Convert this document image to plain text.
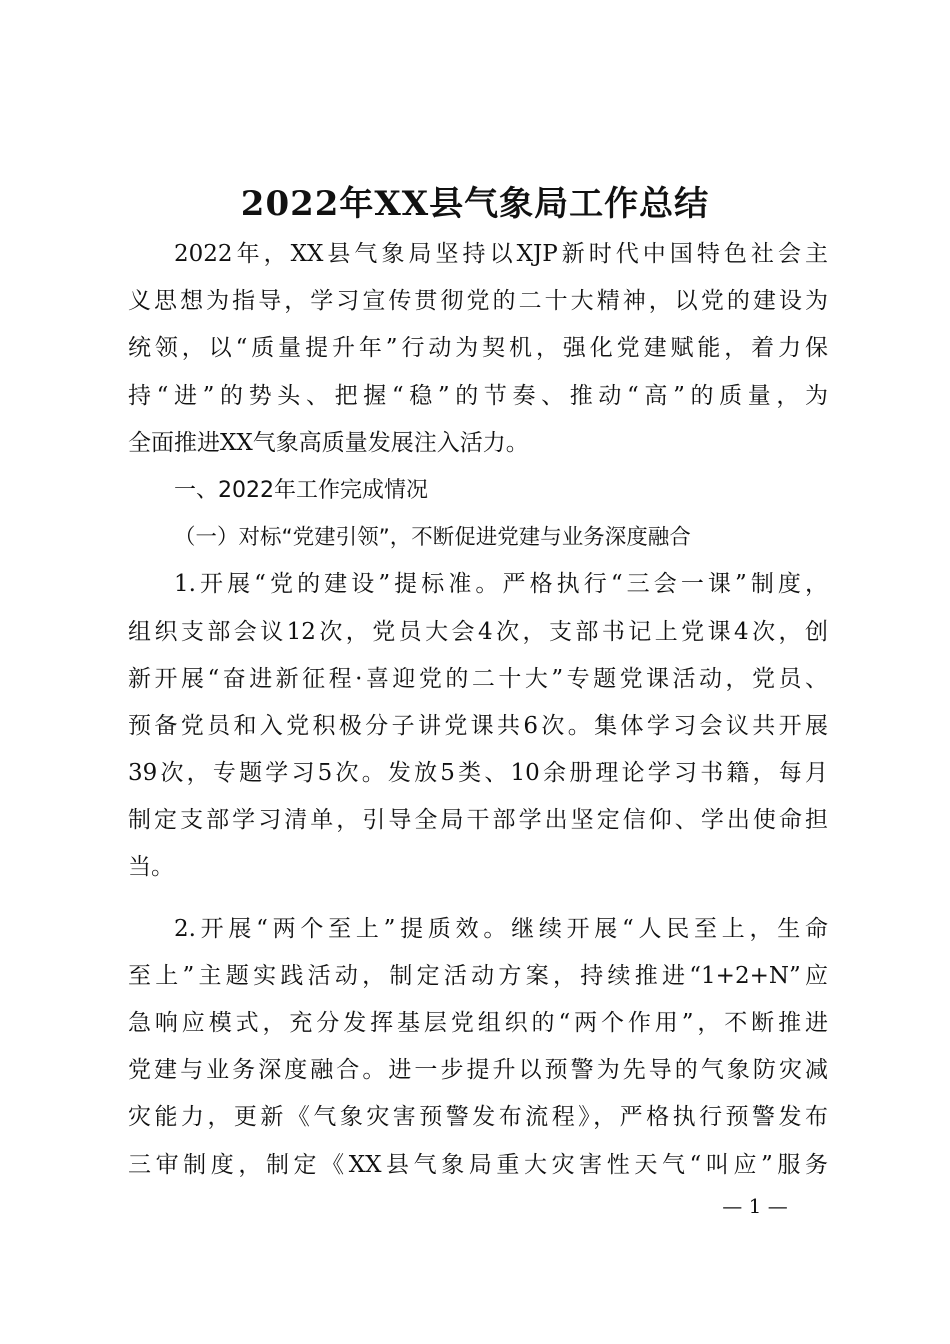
2022年XX县气象局工作总结
2022年，XX县气象局坚持以XJP新时代中国特色社会主
义思想为指导，学习宣传贯彻党的二十大精神，以党的建设为
统领，以“质量提升年”行动为契机，强化党建赋能，着力保
持“进”的势头、把握“稳”的节奏、推动“高”的质量，为
全面推进XX气象高质量发展注入活力。
一、2022年工作完成情况
（一）对标“党建引领”，不断促进党建与业务深度融合
1.开展“党的建设”提标准。严格执行“三会一课”制度，
组织支部会议12次，党员大会4次，支部书记上党课4次，创
新开展“奋进新征程·喜迎党的二十大”专题党课活动，党员、
预备党员和入党积极分子讲党课共6次。集体学习会议共开展
39次，专题学习5次。发放5类、10余册理论学习书籍，每月
制定支部学习清单，引导全局干部学出坚定信仰、学出使命担
当。
2.开展“两个至上”提质效。继续开展“人民至上，生命
至上”主题实践活动，制定活动方案，持续推进“1+2+N”应
急响应模式，充分发挥基层党组织的“两个作用”，不断推进
党建与业务深度融合。进一步提升以预警为先导的气象防灾减
灾能力，更新《气象灾害预警发布流程》，严格执行预警发布
三审制度，制定《XX县气象局重大灾害性天气“叫应”服务
— 1 —
